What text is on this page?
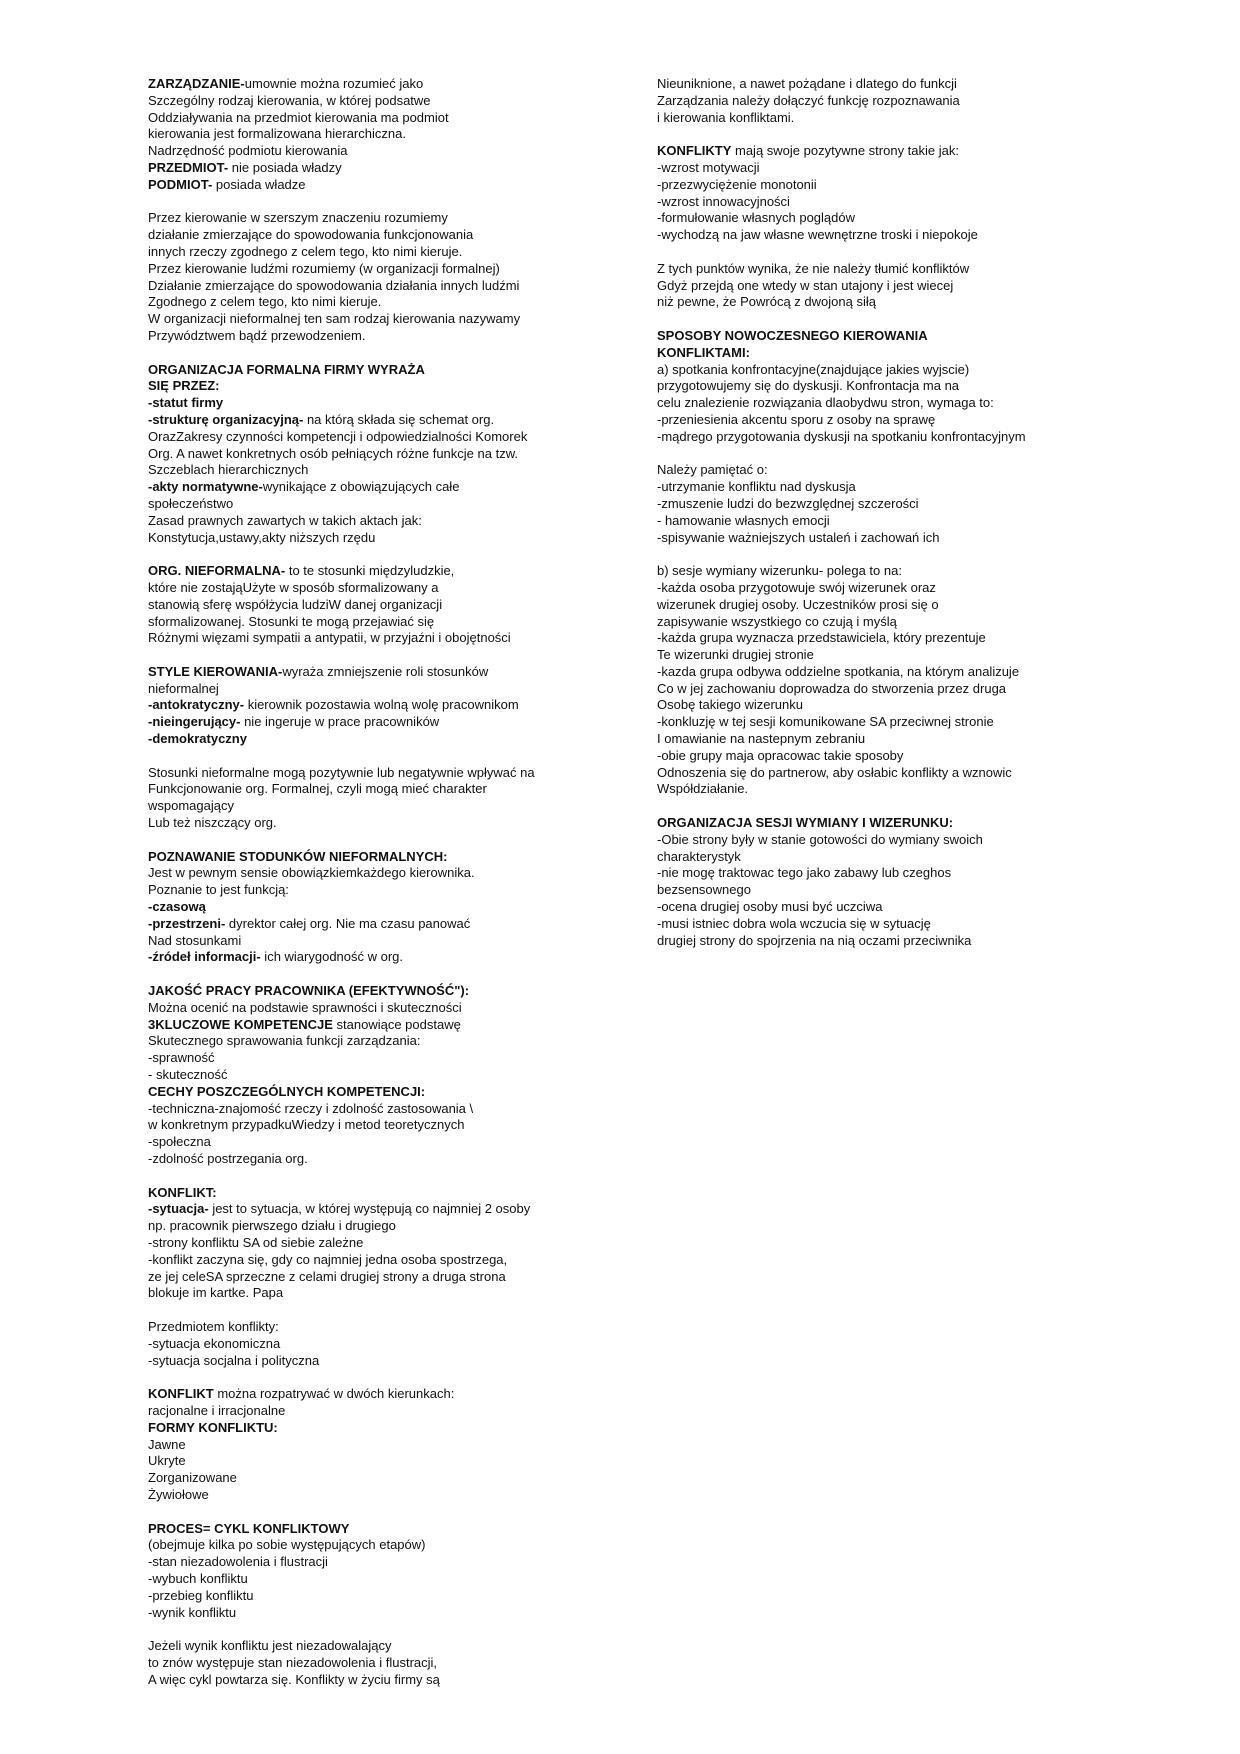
ZARZĄDZANIE-umownie można rozumieć jako
Szczególny rodzaj kierowania, w której podsatwe
Oddziaływania na przedmiot kierowania ma podmiot
kierowania jest formalizowana hierarchiczna.
Nadrzędność podmiotu kierowania
PRZEDMIOT- nie posiada władzy
PODMIOT- posiada władze
Przez kierowanie w szerszym znaczeniu rozumiemy
działanie zmierzające do spowodowania funkcjonowania
innych rzeczy zgodnego z celem tego, kto nimi kieruje.
Przez kierowanie ludźmi rozumiemy (w organizacji formalnej)
Działanie zmierzające do spowodowania działania innych ludźmi
Zgodnego z celem tego, kto nimi kieruje.
W organizacji nieformalnej ten sam rodzaj kierowania nazywamy
Przywództwem bądź przewodzeniem.
ORGANIZACJA FORMALNA FIRMY WYRAŻA
SIĘ PRZEZ:
-statut firmy
-strukturę organizacyjną- na którą składa się schemat org.
OrazZakresy czynności kompetencji i odpowiedzialności Komorek
Org. A nawet konkretnych osób pełniących różne funkcje na tzw.
Szczeblach hierarchicznych
-akty normatywne-wynikające z obowiązujących całe
społeczeństwo
Zasad prawnych zawartych w takich aktach jak:
Konstytucja,ustawy,akty niższych rzędu
ORG. NIEFORMALNA- to te stosunki międzyludzkie,
które nie zostająUżyte w sposób sformalizowany a
stanowią sferę współżycia ludziW danej organizacji
sformalizowanej. Stosunki te mogą przejawiać się
Różnymi więzami sympatii a antypatii, w przyjaźni i obojętności
STYLE KIEROWANIA-wyraża zmniejszenie roli stosunków
nieformalnej
-antokratyczny- kierownik pozostawia wolną wolę pracownikom
-nieingerujący- nie ingeruje w prace pracowników
-demokratyczny
Stosunki nieformalne mogą pozytywnie lub negatywnie wpływać na
Funkcjonowanie org. Formalnej, czyli mogą mieć charakter
wspomagający
Lub też niszczący org.
POZNAWANIE STODUNKÓW NIEFORMALNYCH:
Jest w pewnym sensie obowiązkiemkażdego kierownika.
Poznanie to jest funkcją:
-czasową
-przestrzeni- dyrektor całej org. Nie ma czasu panować
Nad stosunkami
-źródeł informacji- ich wiarygodność w org.
JAKOŚĆ PRACY PRACOWNIKA (EFEKTYWNOŚĆ"):
Można ocenić na podstawie sprawności i skuteczności
3KLUCZOWE KOMPETENCJE stanowiące podstawę
Skutecznego sprawowania funkcji zarządzania:
-sprawność
- skuteczność
CECHY POSZCZEGÓLNYCH KOMPETENCJI:
-techniczna-znajomość rzeczy i zdolność zastosowania \
w konkretnym przypadkuWiedzy i metod teoretycznych
-społeczna
-zdolność postrzegania org.
KONFLIKT:
-sytuacja- jest to sytuacja, w której występują co najmniej 2 osoby
np. pracownik pierwszego działu i drugiego
-strony konfliktu SA od siebie zależne
-konflikt zaczyna się, gdy co najmniej jedna osoba spostrzega,
ze jej celeSA sprzeczne z celami drugiej strony a druga strona
blokuje im kartke. Papa
Przedmiotem konflikty:
-sytuacja ekonomiczna
-sytuacja socjalna i polityczna
KONFLIKT można rozpatrywać w dwóch kierunkach:
racjonalne i irracjonalne
FORMY KONFLIKTU:
Jawne
Ukryte
Zorganizowane
Żywiołowe
PROCES= CYKL KONFLIKTOWY
(obejmuje kilka po sobie występujących etapów)
-stan niezadowolenia i flustracji
-wybuch konfliktu
-przebieg konfliktu
-wynik konfliktu
Jeżeli wynik konfliktu jest niezadowalający
to znów występuje stan niezadowolenia i flustracji,
A więc cykl powtarza się. Konflikty w życiu firmy są
Nieuniknione, a nawet pożądane i dlatego do funkcji
Zarządzania należy dołączyć funkcję rozpoznawania
i kierowania konfliktami.
KONFLIKTY mają swoje pozytywne strony takie jak:
-wzrost motywacji
-przezwyciężenie monotonii
-wzrost innowacyjności
-formułowanie własnych poglądów
-wychodzą na jaw własne wewnętrzne troski i niepokoje
Z tych punktów wynika, że nie należy tłumić konfliktów
Gdyż przejdą one wtedy w stan utajony i jest wiecej
niż pewne, że Powrócą z dwojoną siłą
SPOSOBY NOWOCZESNEGO KIEROWANIA
KONFLIKTAMI:
a) spotkania konfrontacyjne(znajdujące jakies wyjscie)
przygotowujemy się do dyskusji. Konfrontacja ma na
celu znalezienie rozwiązania dlaobydwu stron, wymaga to:
-przeniesienia akcentu sporu z osoby na sprawę
-mądrego przygotowania dyskusji na spotkaniu konfrontacyjnym
Należy pamiętać o:
-utrzymanie konfliktu nad dyskusja
-zmuszenie ludzi do bezwzględnej szczerości
- hamowanie własnych emocji
-spisywanie ważniejszych ustaleń i zachowań ich
b) sesje wymiany wizerunku- polega to na:
-każda osoba przygotowuje swój wizerunek oraz
wizerunek drugiej osoby. Uczestników prosi się o
zapisywanie wszystkiego co czują i myślą
-każda grupa wyznacza przedstawiciela, który prezentuje
Te wizerunki drugiej stronie
-kazda grupa odbywa oddzielne spotkania, na którym analizuje
Co w jej zachowaniu doprowadza do stworzenia przez druga
Osobę takiego wizerunku
-konkluzję w tej sesji komunikowane SA przeciwnej stronie
I omawianie na nastepnym zebraniu
-obie grupy maja opracowac takie sposoby
Odnoszenia się do partnerow, aby osłabic konflikty a wznowic
Współdziałanie.
ORGANIZACJA SESJI WYMIANY I WIZERUNKU:
-Obie strony były w stanie gotowości do wymiany swoich
charakterystyk
-nie mogę traktowac tego jako zabawy lub czeghos
bezsensownego
-ocena drugiej osoby musi być uczciwa
-musi istniec dobra wola wczucia się w sytuację
drugiej strony do spojrzenia na nią oczami przeciwnika
